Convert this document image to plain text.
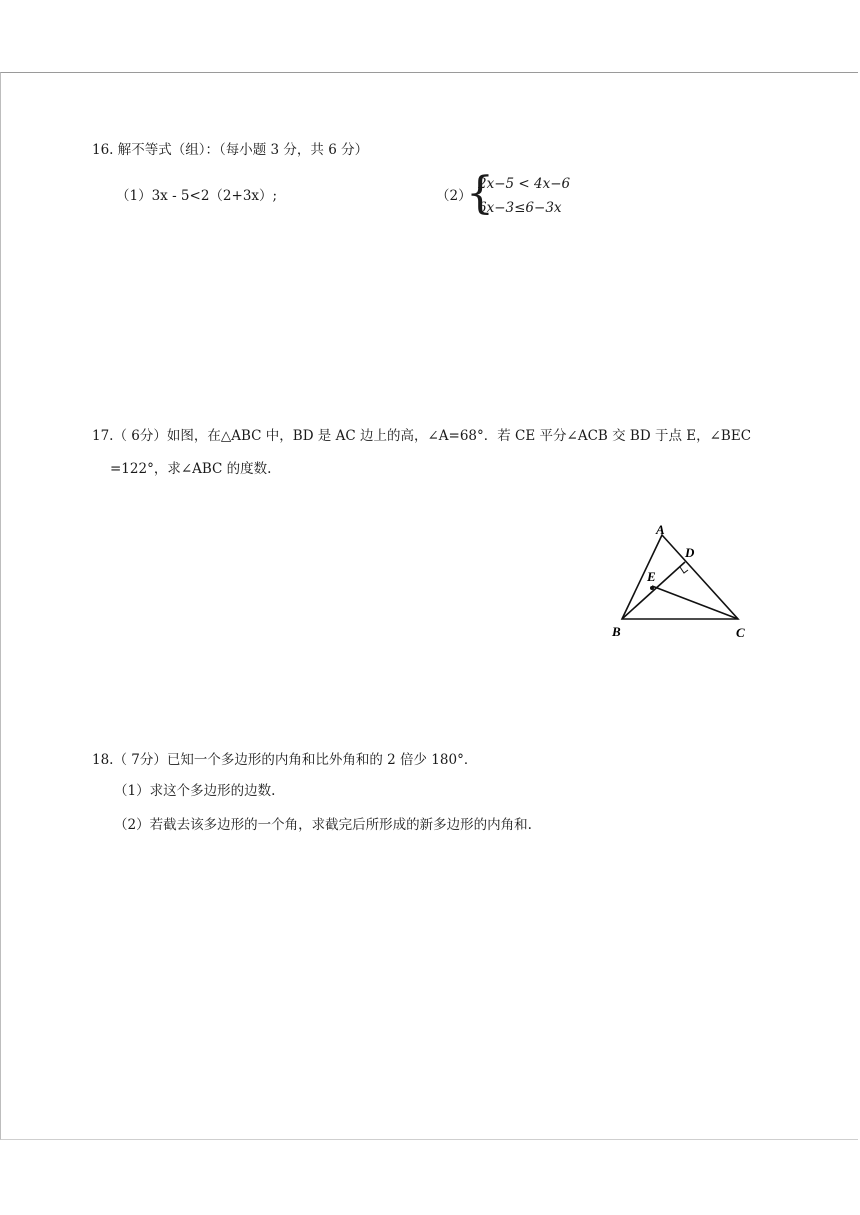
16. 解不等式（组）：（每小题 3 分，共 6 分）
（1）3x - 5<2（2+3x）;	（2）
{
2x−5 < 4x−6
6x−3≤6−3x
17.（ 6分）如图，在△ABC 中，BD 是 AC 边上的高，∠A=68°．若 CE 平分∠ACB 交 BD 于点 E，∠BEC
=122°，求∠ABC 的度数.
A
D
E
B	C
18.（ 7分）已知一个多边形的内角和比外角和的 2 倍少 180°．
（1）求这个多边形的边数.
（2）若截去该多边形的一个角，求截完后所形成的新多边形的内角和.
